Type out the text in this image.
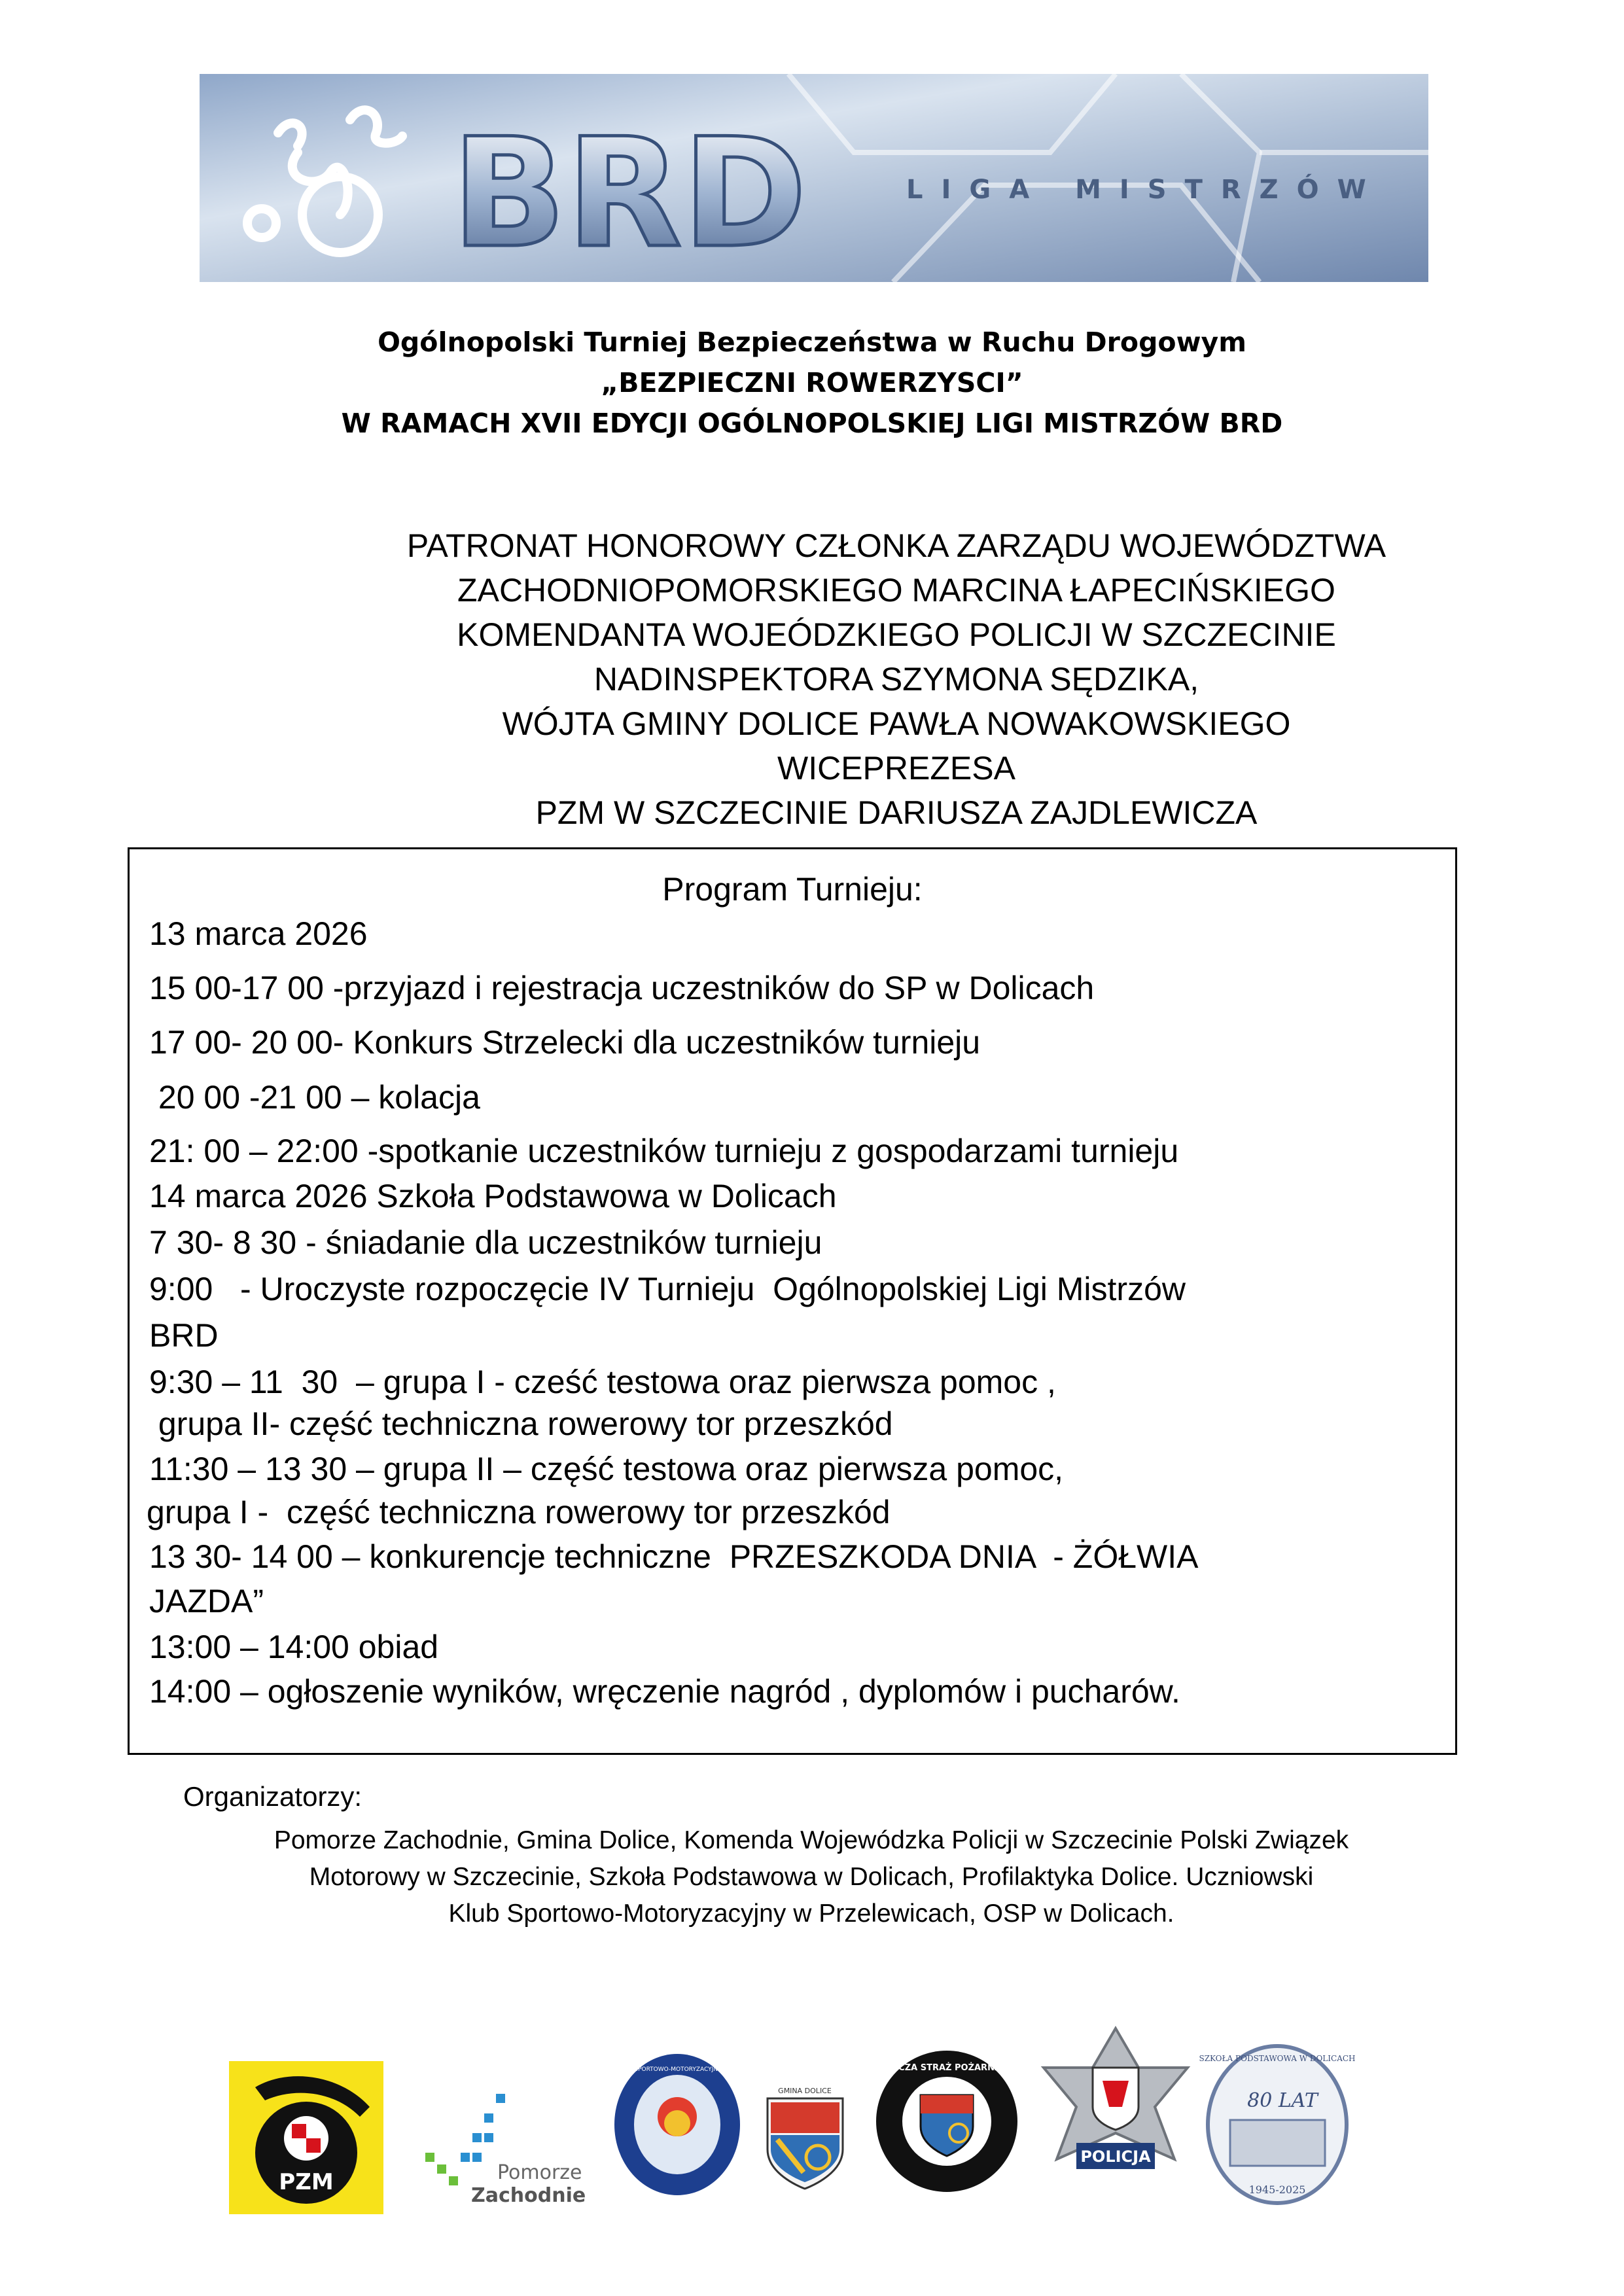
BRD	LIGA MISTRZÓW
Ogólnopolski Turniej Bezpieczeństwa w Ruchu Drogowym
„BEZPIECZNI ROWERZYSCI”
W RAMACH XVII EDYCJI OGÓLNOPOLSKIEJ LIGI MISTRZÓW BRD
PATRONAT HONOROWY CZŁONKA ZARZĄDU WOJEWÓDZTWA
ZACHODNIOPOMORSKIEGO MARCINA ŁAPECIŃSKIEGO
KOMENDANTA WOJEÓDZKIEGO POLICJI W SZCZECINIE
NADINSPEKTORA SZYMONA SĘDZIKA,
WÓJTA GMINY DOLICE PAWŁA NOWAKOWSKIEGO
WICEPREZESA
PZM W SZCZECINIE DARIUSZA ZAJDLEWICZA
Program Turnieju:
13 marca 2026
15 00-17 00 -przyjazd i rejestracja uczestników do SP w Dolicach
17 00- 20 00- Konkurs Strzelecki dla uczestników turnieju
20 00 -21 00 – kolacja
21: 00 – 22:00 -spotkanie uczestników turnieju z gospodarzami turnieju
14 marca 2026 Szkoła Podstawowa w Dolicach
7 30- 8 30 - śniadanie dla uczestników turnieju
9:00   - Uroczyste rozpoczęcie IV Turnieju  Ogólnopolskiej Ligi Mistrzów
BRD
9:30 – 11  30  – grupa I - cześć testowa oraz pierwsza pomoc ,
grupa II- część techniczna rowerowy tor przeszkód
11:30 – 13 30 – grupa II – część testowa oraz pierwsza pomoc,
grupa I -  część techniczna rowerowy tor przeszkód
13 30- 14 00 – konkurencje techniczne  PRZESZKODA DNIA  - ŻÓŁWIA
JAZDA”
13:00 – 14:00 obiad
14:00 – ogłoszenie wyników, wręczenie nagród , dyplomów i pucharów.
Organizatorzy:
Pomorze Zachodnie, Gmina Dolice, Komenda Wojewódzka Policji w Szczecinie Polski Związek
Motorowy w Szczecinie, Szkoła Podstawowa w Dolicach, Profilaktyka Dolice. Uczniowski
Klub Sportowo-Motoryzacyjny w Przelewicach, OSP w Dolicach.
PZM	Pomorze
Zachodnie
UCZNIOWSKI KLUB SPORTOWO-MOTORYZACYJNY W PRZELEWICACH
GMINA DOLICE
OCHOTNICZA STRAŻ POŻARNA DOLICE
POLICJA
SZKOŁA PODSTAWOWA W DOLICACH
80 LAT
1945-2025
